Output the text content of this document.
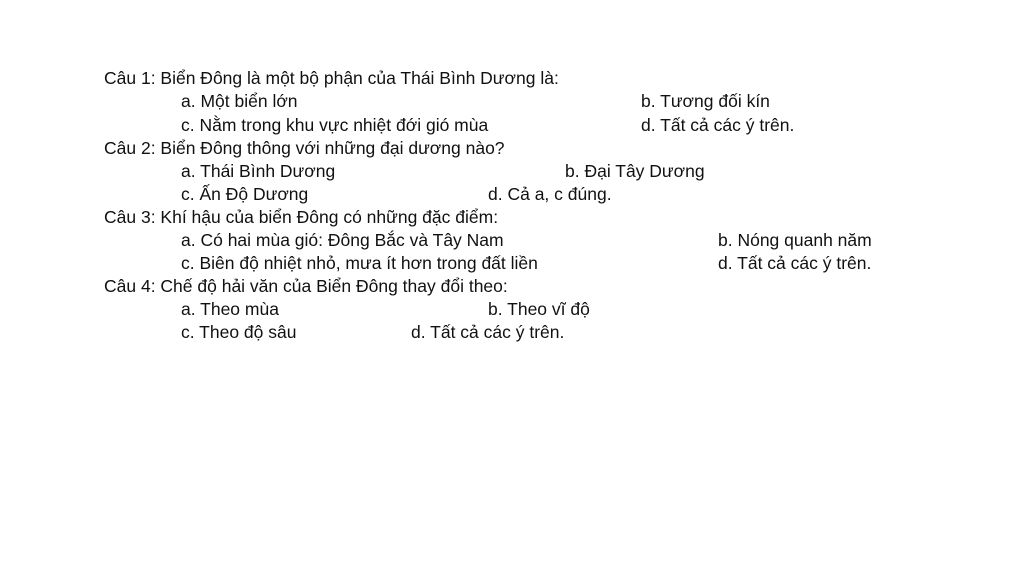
Câu 1: Biển Đông là một bộ phận của Thái Bình Dương là:
a. Một biển lớn	b. Tương đối kín
c. Nằm trong khu vực nhiệt đới gió mùa	d. Tất cả các ý trên.
Câu 2: Biển Đông thông với những đại dương nào?
a. Thái Bình Dương	b. Đại Tây Dương
c. Ấn Độ Dương	d. Cả a, c đúng.
Câu 3: Khí hậu của biển Đông có những đặc điểm:
a. Có hai mùa gió: Đông Bắc và Tây Nam	b. Nóng quanh năm
c. Biên độ nhiệt nhỏ, mưa ít hơn trong đất liền	d. Tất cả các ý trên.
Câu 4: Chế độ hải văn của Biển Đông thay đổi theo:
a. Theo mùa	b. Theo vĩ độ
c. Theo độ sâu	d. Tất cả các ý trên.
